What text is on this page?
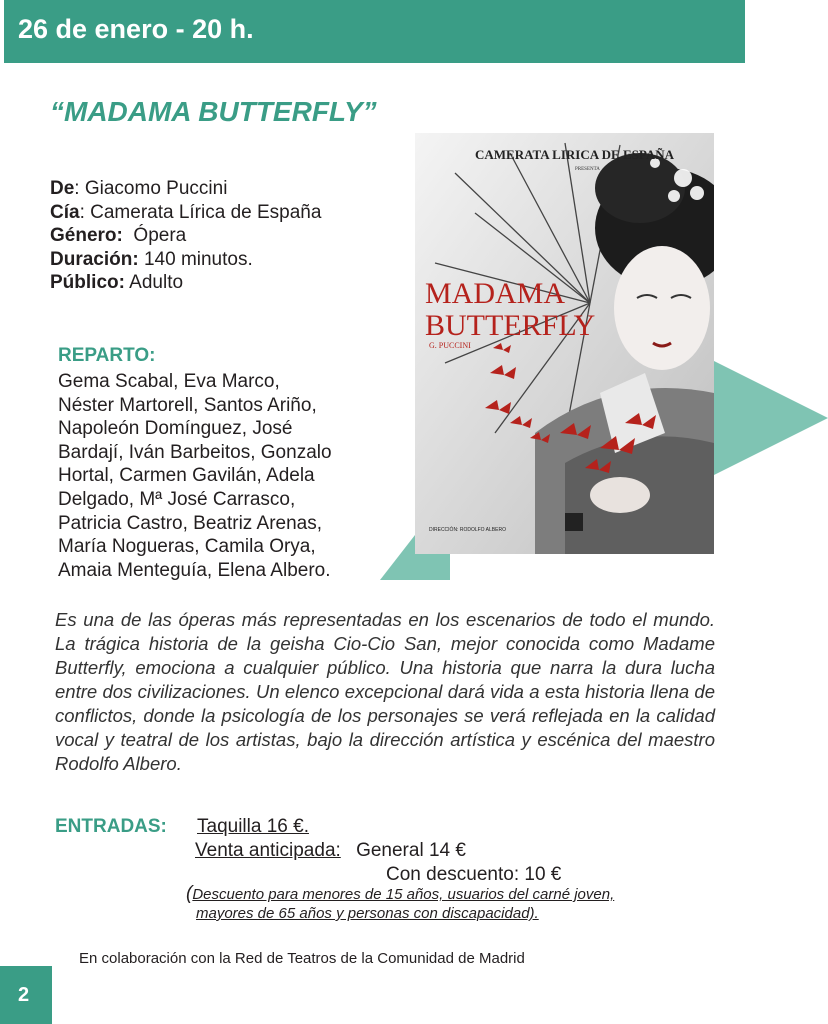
26 de enero - 20 h.
“MADAMA BUTTERFLY”
De: Giacomo Puccini
Cía: Camerata Lírica de España
Género:  Ópera
Duración: 140 minutos.
Público: Adulto
REPARTO:
Gema Scabal, Eva Marco,
Néster Martorell, Santos Ariño,
Napoleón Domínguez, José
Bardají, Iván Barbeitos, Gonzalo
Hortal, Carmen Gavilán, Adela
Delgado, Mª José Carrasco,
Patricia Castro, Beatriz Arenas,
María Nogueras, Camila Orya,
Amaia Menteguía, Elena Albero.
CAMERATA LIRICA DE ESPAÑA
PRESENTA
MADAMA
BUTTERFLY
G. PUCCINI
DIRECCIÓN: RODOLFO ALBERO

Es una de las óperas más representadas en los escenarios de todo el mundo. La trágica historia de la geisha Cio-Cio San, mejor conocida como Madame Butterfly, emociona a cualquier público. Una historia que narra la dura lucha entre dos civilizaciones. Un elenco excepcional dará vida a esta historia llena de conflictos, donde la psicología de los personajes se verá reflejada en la calidad vocal y teatral de los artistas, bajo la dirección artística y escénica del maestro Rodolfo Albero.

ENTRADAS: Taquilla 16 €.
Venta anticipada: General 14 €
Con descuento: 10 €
(Descuento para menores de 15 años, usuarios del carné joven,
mayores de 65 años y personas con discapacidad).
En colaboración con la Red de Teatros de la Comunidad de Madrid
2
